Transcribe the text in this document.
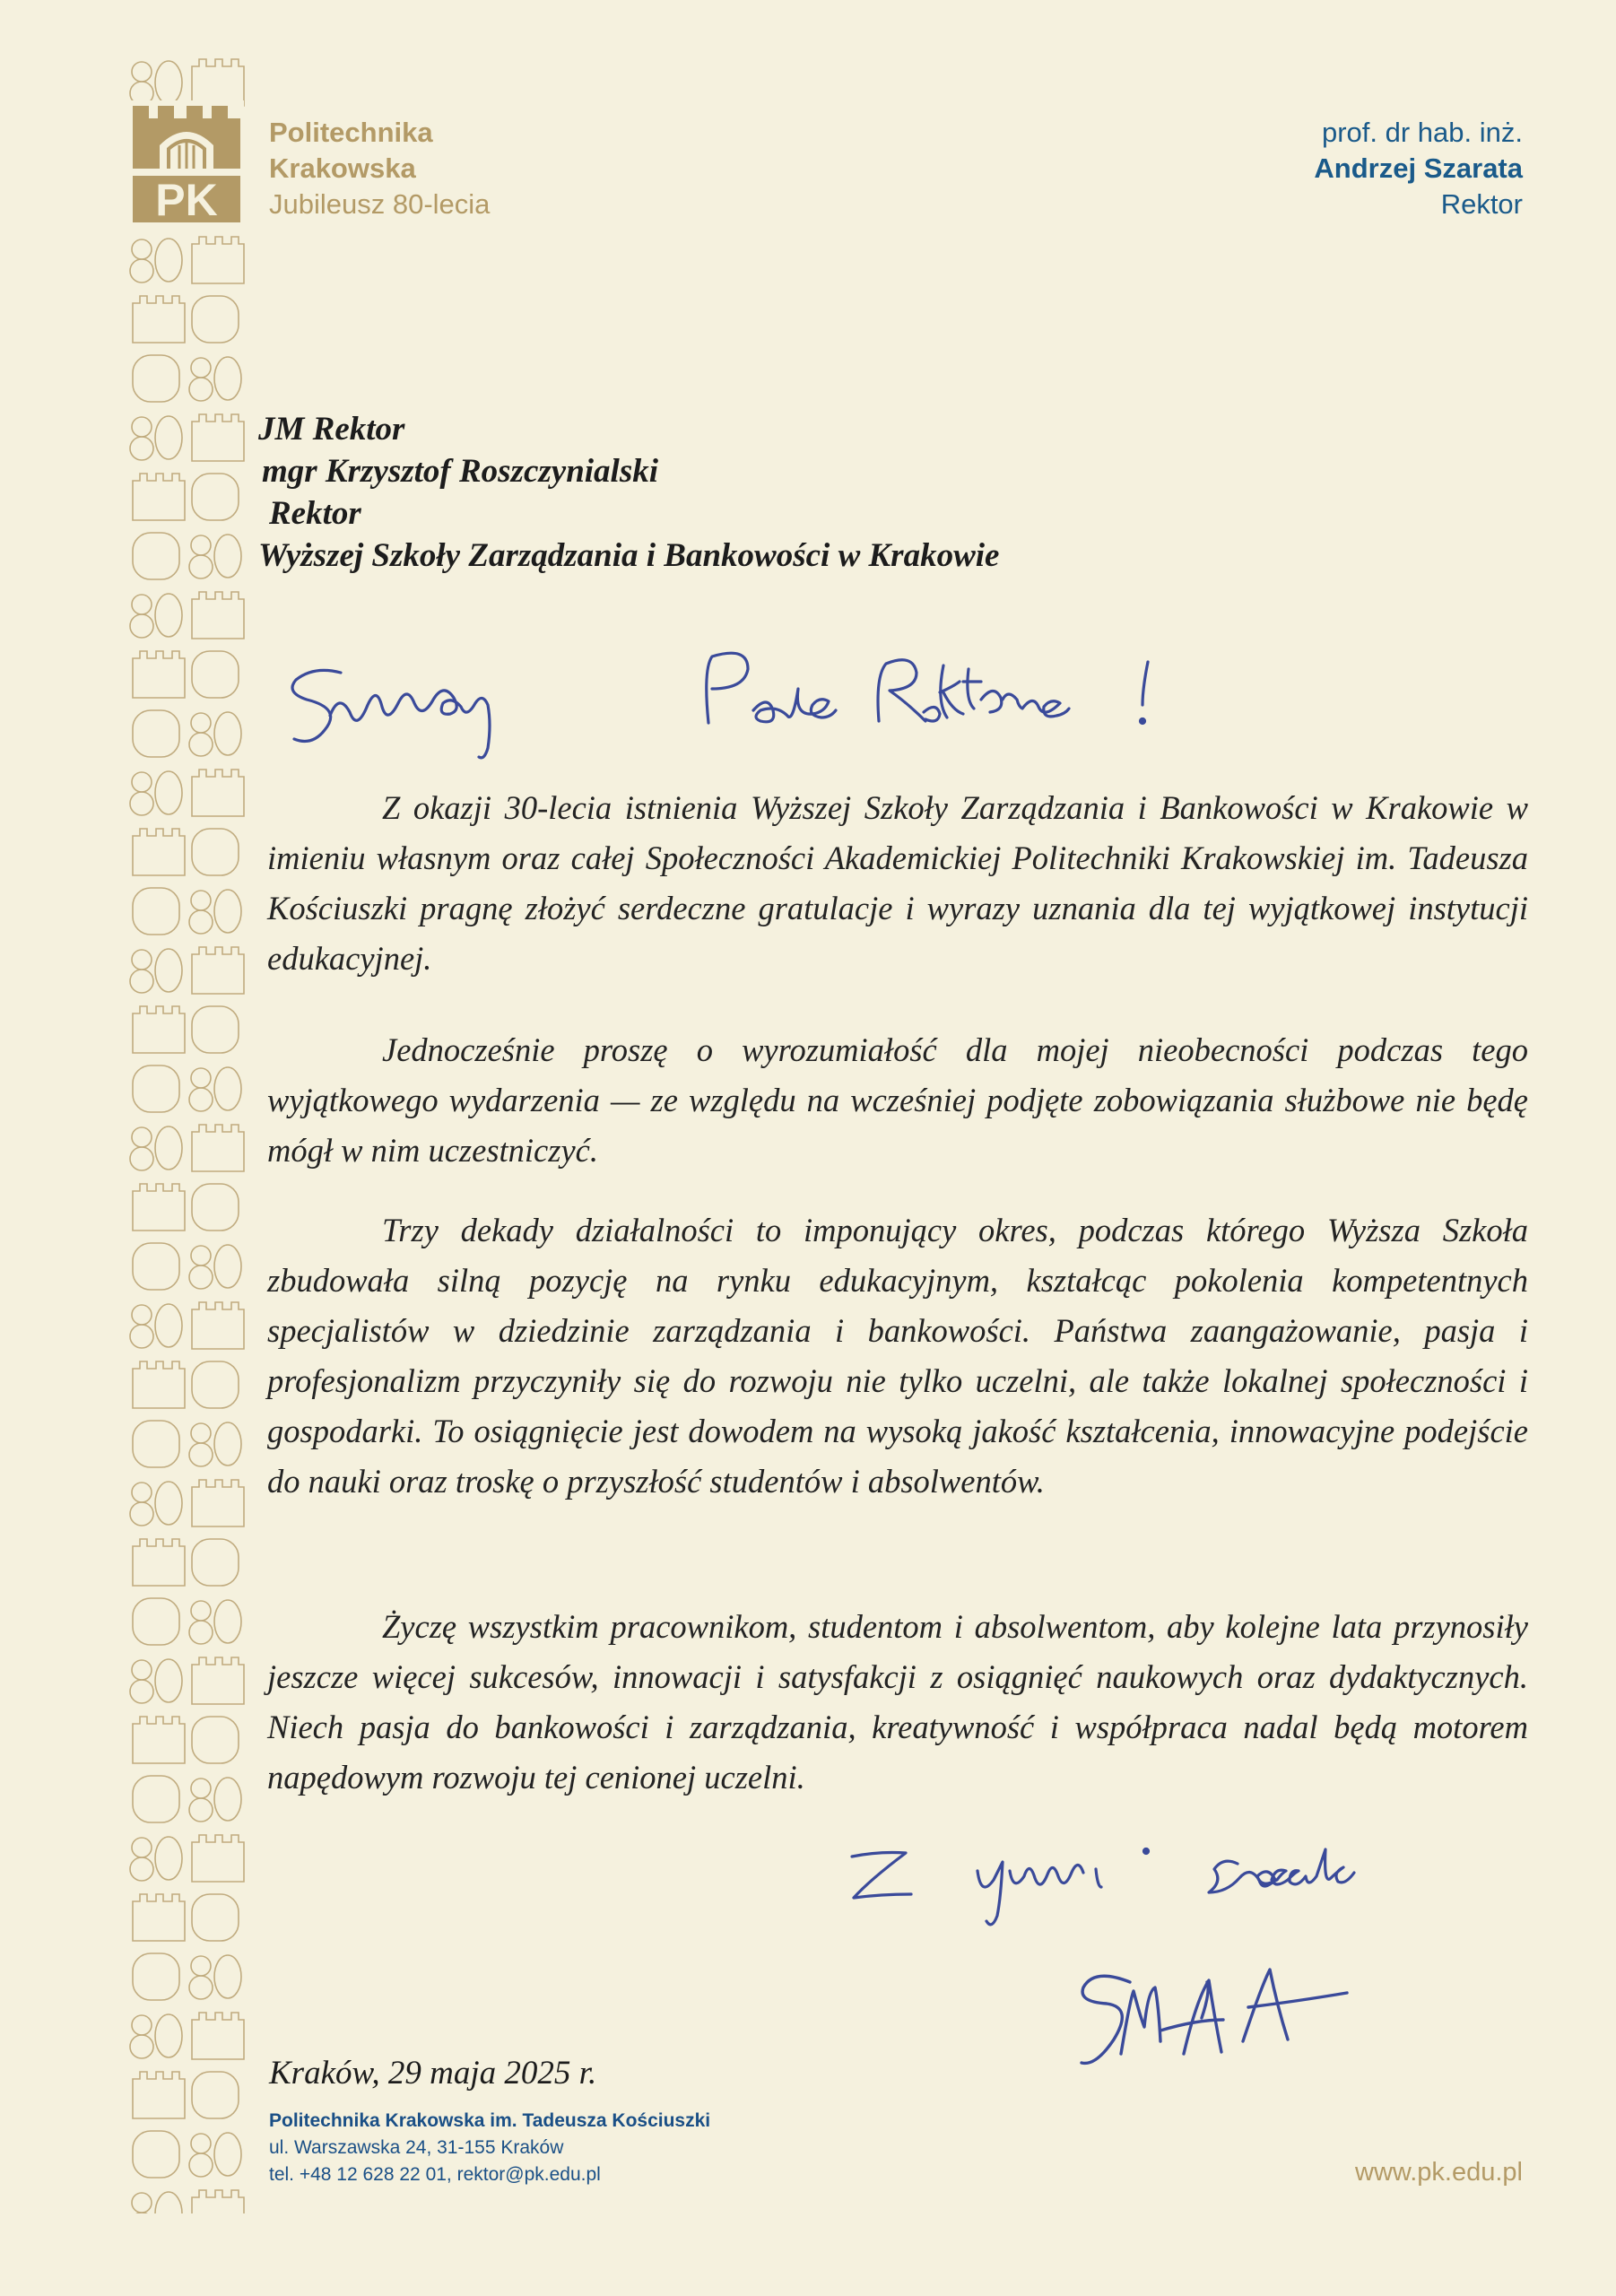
PK
Politechnika
Krakowska
Jubileusz 80-lecia
prof. dr hab. inż.
Andrzej Szarata
Rektor
JM Rektor
mgr Krzysztof Roszczynialski
Rektor
Wyższej Szkoły Zarządzania i Bankowości w Krakowie

Z okazji 30-lecia istnienia Wyższej Szkoły Zarządzania i Bankowości w Krakowie w imieniu własnym oraz całej Społeczności Akademickiej Politechniki Krakowskiej im. Tadeusza Kościuszki pragnę złożyć serdeczne gratulacje i wyrazy uznania dla tej wyjątkowej instytucji edukacyjnej.

Jednocześnie proszę o wyrozumiałość dla mojej nieobecności podczas tego wyjątkowego wydarzenia — ze względu na wcześniej podjęte zobowiązania służbowe nie będę mógł w nim uczestniczyć.

Trzy dekady działalności to imponujący okres, podczas którego Wyższa Szkoła zbudowała silną pozycję na rynku edukacyjnym, kształcąc pokolenia kompetentnych specjalistów w dziedzinie zarządzania i bankowości. Państwa zaangażowanie, pasja i profesjonalizm przyczyniły się do rozwoju nie tylko uczelni, ale także lokalnej społeczności i gospodarki. To osiągnięcie jest dowodem na wysoką jakość kształcenia, innowacyjne podejście do nauki oraz troskę o przyszłość studentów i absolwentów.

Życzę wszystkim pracownikom, studentom i absolwentom, aby kolejne lata przynosiły jeszcze więcej sukcesów, innowacji i satysfakcji z osiągnięć naukowych oraz dydaktycznych. Niech pasja do bankowości i zarządzania, kreatywność i współpraca nadal będą motorem napędowym rozwoju tej cenionej uczelni.

Kraków, 29 maja 2025 r.
Politechnika Krakowska im. Tadeusza Kościuszki
ul. Warszawska 24, 31-155 Kraków
tel. +48 12 628 22 01, rektor@pk.edu.pl	www.pk.edu.pl
